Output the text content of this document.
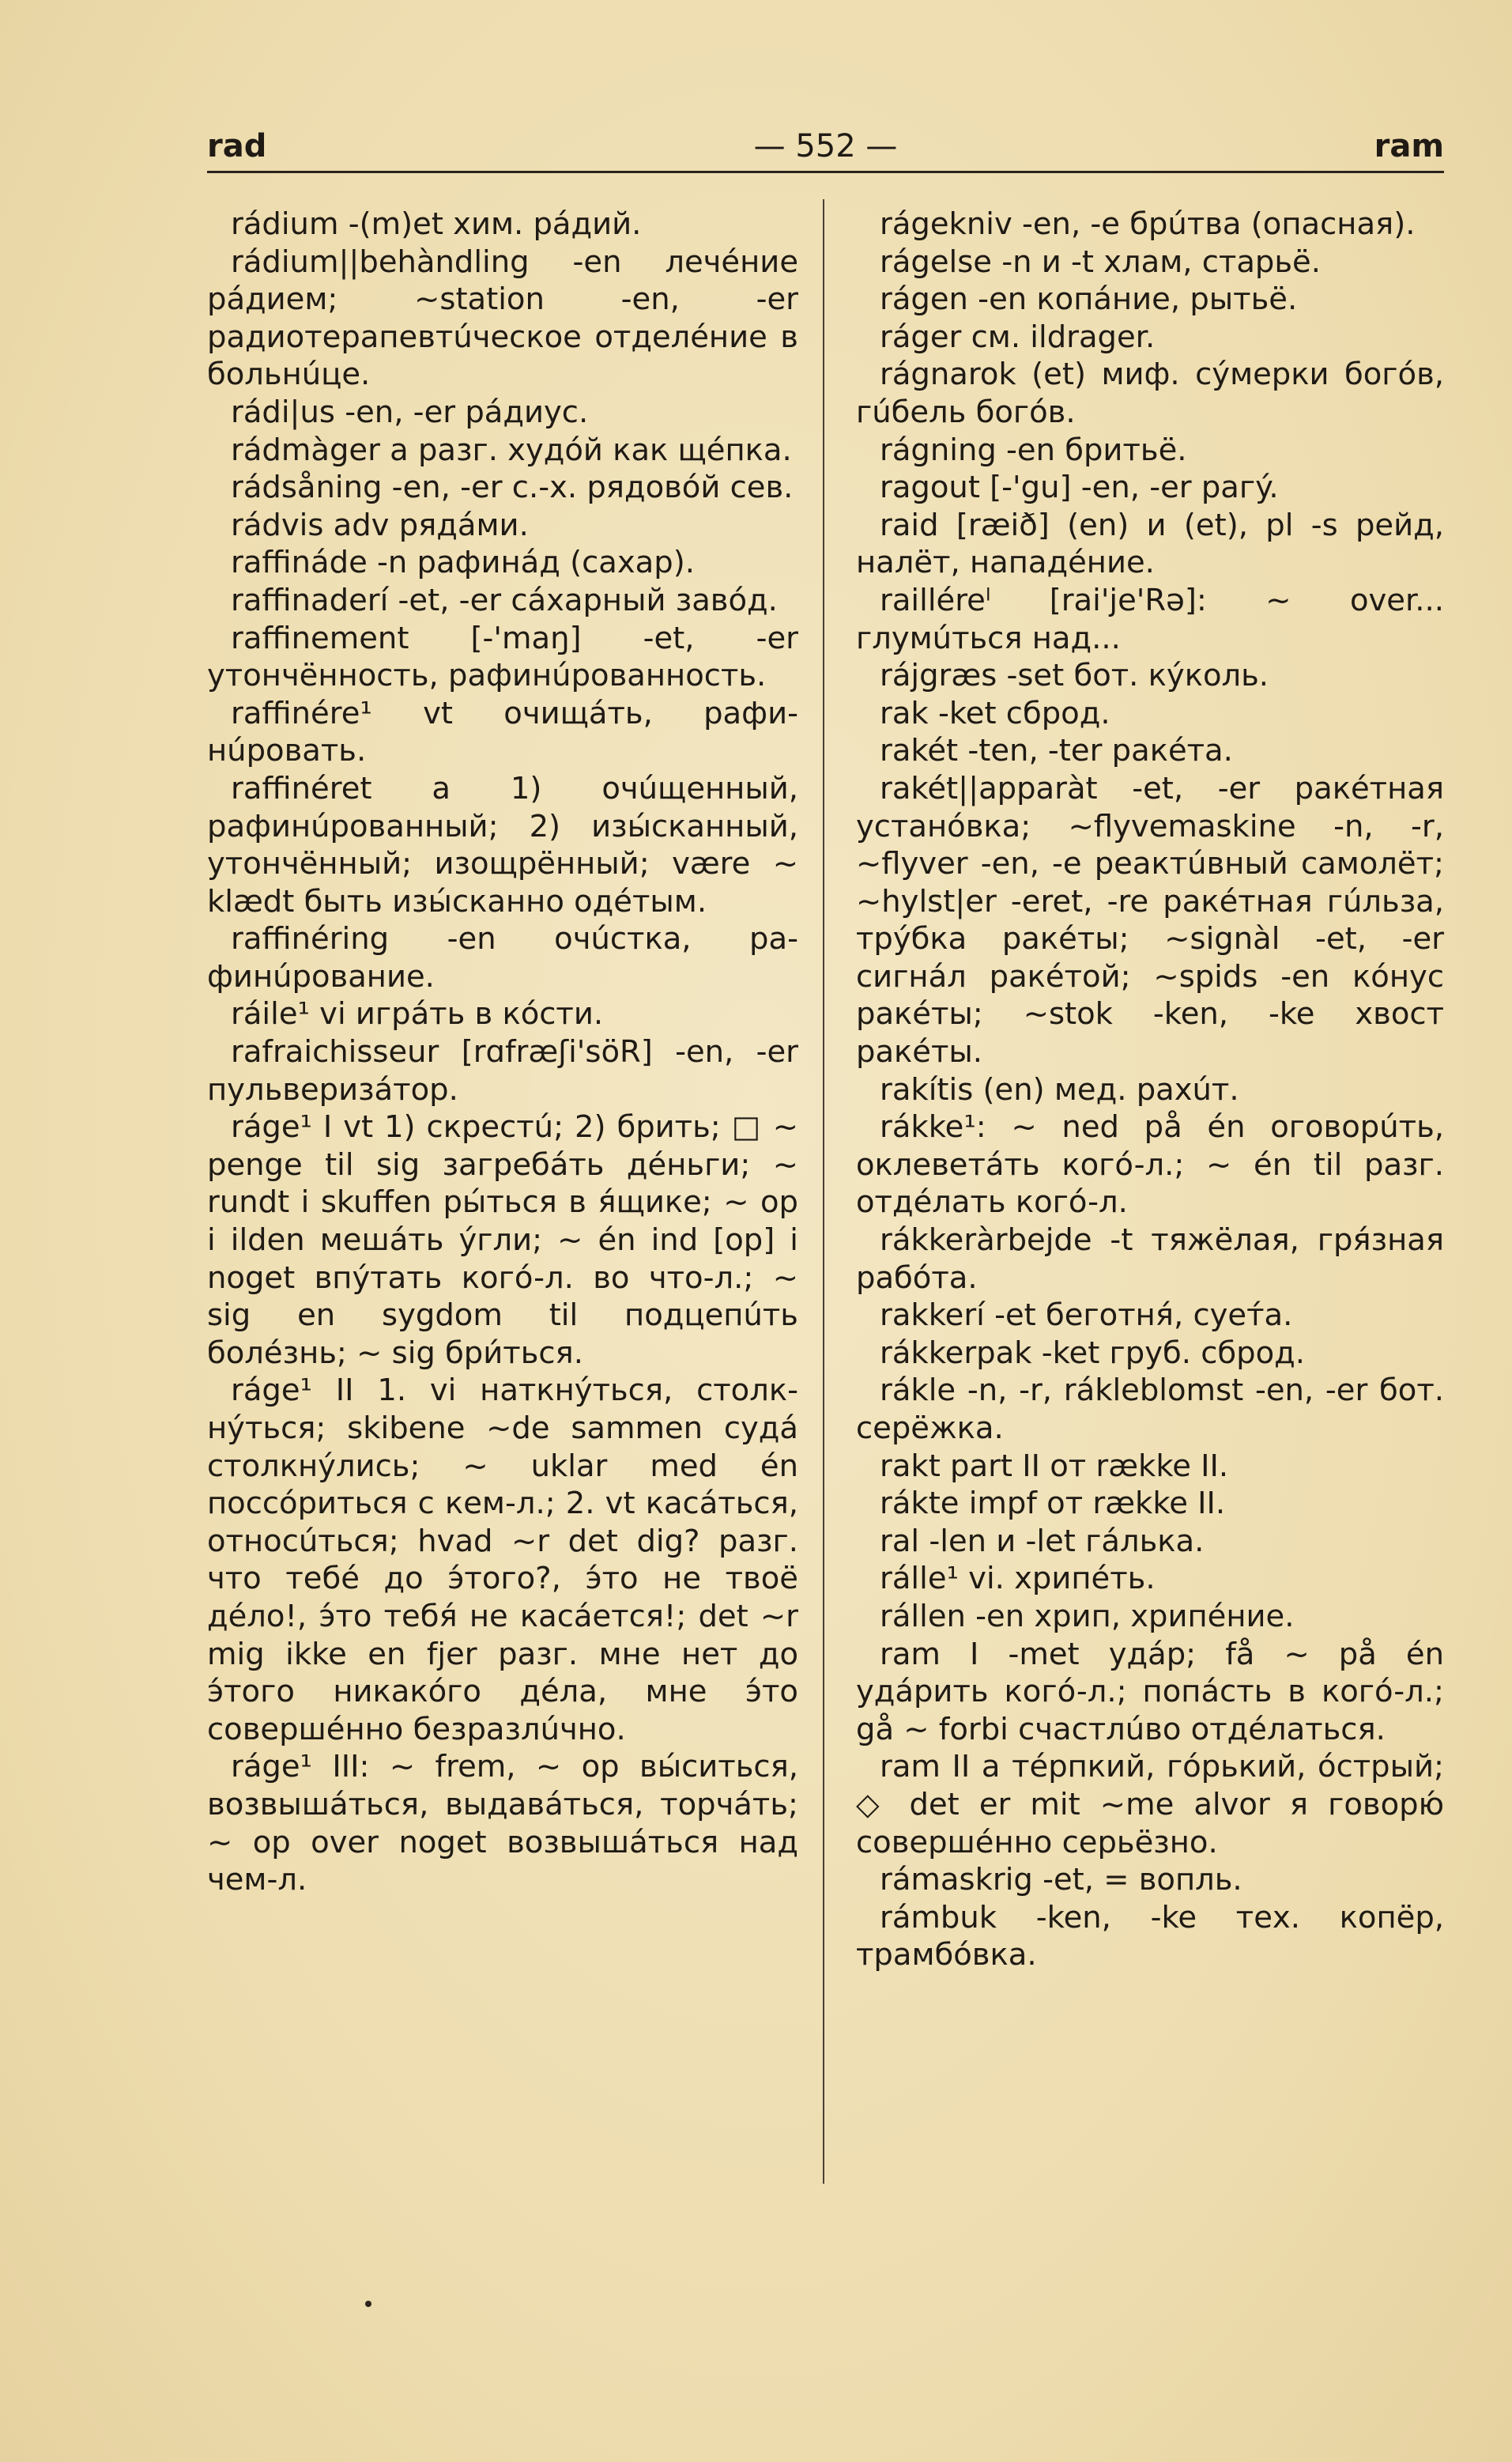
rad	— 552 —	ram

rádium -(m)et хим. рáдий.

rádium||behàndling -en лечéние рáдием; ~station -en, -er радиотерапевтúческое отделéние в больнúце.

rádi|us -en, -er рáдиус.

rádmàger a разг. худóй как щéпка.

rádsåning -en, -er с.-х. рядовóй сев.

rádvis adv рядáми.

raffináde -n рафинáд (сахар).

raffinaderí -et, -er сáхарный завóд.

raffinement [-'maŋ] -et, -er утончённость, рафинúрованность.

raffinére¹ vt очищáть, рафинúровать.

raffinéret a 1) очúщенный, рафинúрованный; 2) изы́сканный, утончённый; изощрённый; være ~ klædt быть изы́сканно одéтым.

raffinéring -en очúстка, рафинúрование.

ráile¹ vi игрáть в кóсти.

rafraichisseur [rɑfræʃi'söR] -en, -er пульверизáтор.

ráge¹ I vt 1) скрестú; 2) брить; □ ~ penge til sig загребáть дéньги; ~ rundt i skuffen ры́ться в я́щике; ~ op i ilden мешáть ýгли; ~ én ind [op] i noget впýтать когó-л. во что-л.; ~ sig en sygdom til подцепúть болéзнь; ~ sig бри́ться.

ráge¹ II 1. vi наткнýться, столкнýться; skibene ~de sammen судá столкнýлись; ~ uklar med én поссóриться с кем-л.; 2. vt касáться, относúться; hvad ~r det dig? разг. что тебé до э́того?, э́то не твоё дéло!, э́то тебя́ не касáется!; det ~r mig ikke en fjer разг. мне нет до э́того никакóго дéла, мне э́то совершéнно безразлúчно.

ráge¹ III: ~ frem, ~ op вы́ситься, возвышáться, выдавáться, торчáть; ~ op over noget возвышáться над чем-л.

rágekniv -en, -e брúтва (опасная).

rágelse -n и -t хлам, старьё.

rágen -en копáние, рытьё.

ráger см. ildrager.

rágnarok (et) миф. сýмерки богóв, гúбель богóв.

rágning -en бритьё.

ragout [-'gu] -en, -er рагý.

raid [ræið] (en) и (et), pl -s рейд, налёт, нападéние.

railléreˡ [rai'je'Rə]: ~ over... глумúться над...

rájgræs -set бот. кýколь.

rak -ket сброд.

rakét -ten, -ter ракéта.

rakét||apparàt -et, -er ракéтная устанóвка; ~flyvemaskine -n, -r, ~flyver -en, -e реактúвный самолёт; ~hylst|er -eret, -re ракéтная гúльза, трýбка ракéты; ~signàl -et, -er сигнáл ракéтой; ~spids -en кóнус ракéты; ~stok -ken, -ke хвост ракéты.

rakítis (en) мед. рахúт.

rákke¹: ~ ned på én оговорúть, оклеветáть когó-л.; ~ én til разг. отдéлать когó-л.

rákkeràrbejde -t тяжёлая, гря́зная рабóта.

rakkerí -et беготня́, сует́а.

rákkerpak -ket груб. сброд.

rákle -n, -r, rákleblomst -en, -er бот. серёжка.

rakt part II от række II.

rákte impf от række II.

ral -len и -let гáлька.

rálle¹ vi. хрипéть.

rállen -en хрип, хрипéние.

ram I -met удáр; få ~ på én удáрить когó-л.; попáсть в когó-л.; gå ~ forbi счастлúво отдéлаться.

ram II a тéрпкий, гóрький, óстрый; ◇ det er mit ~me alvor я говорю́ совершéнно серьёзно.

rámaskrig -et, = вопль.

rámbuk -ken, -ke тех. копёр, трамбóвка.
